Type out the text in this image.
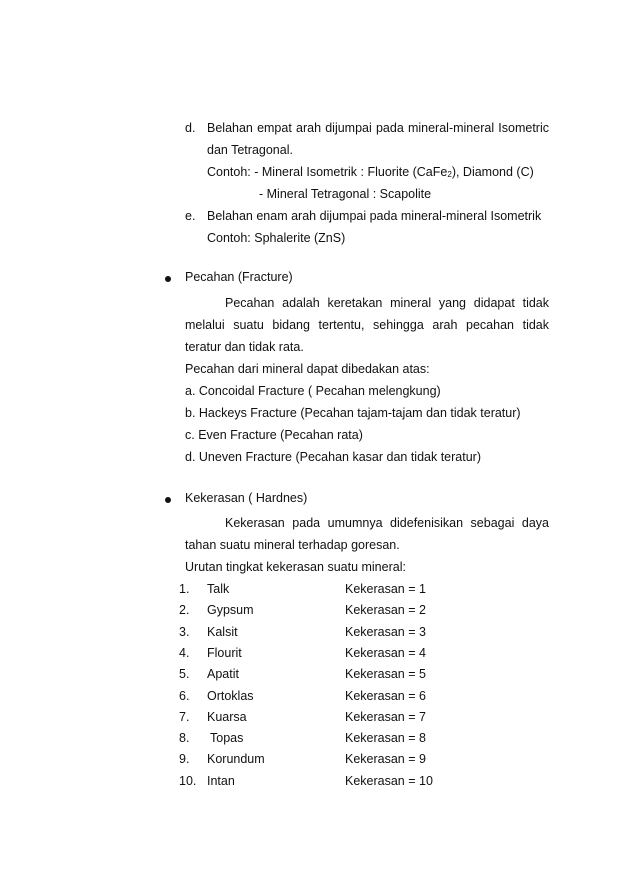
d. Belahan empat arah dijumpai pada mineral-mineral Isometric
dan Tetragonal.
Contoh: - Mineral Isometrik : Fluorite (CaFe$_2$), Diamond (C)
- Mineral Tetragonal : Scapolite
e. Belahan enam arah dijumpai pada mineral-mineral Isometrik
Contoh: Sphalerite (ZnS)
Pecahan (Fracture)
Pecahan adalah keretakan mineral yang didapat tidak
melalui suatu bidang tertentu, sehingga arah pecahan tidak
teratur dan tidak rata.
Pecahan dari mineral dapat dibedakan atas:
a. Concoidal Fracture ( Pecahan melengkung)
b. Hackeys Fracture (Pecahan tajam-tajam dan tidak teratur)
c. Even Fracture (Pecahan rata)
d. Uneven Fracture (Pecahan kasar dan tidak teratur)
Kekerasan ( Hardnes)
Kekerasan pada umumnya didefenisikan sebagai daya
tahan suatu mineral terhadap goresan.
Urutan tingkat kekerasan suatu mineral:
1. Talk	Kekerasan = 1
2. Gypsum	Kekerasan = 2
3. Kalsit	Kekerasan = 3
4. Flourit	Kekerasan = 4
5. Apatit	Kekerasan = 5
6. Ortoklas	Kekerasan = 6
7. Kuarsa	Kekerasan = 7
8. Topas	Kekerasan = 8
9. Korundum	Kekerasan = 9
10. Intan	Kekerasan = 10
